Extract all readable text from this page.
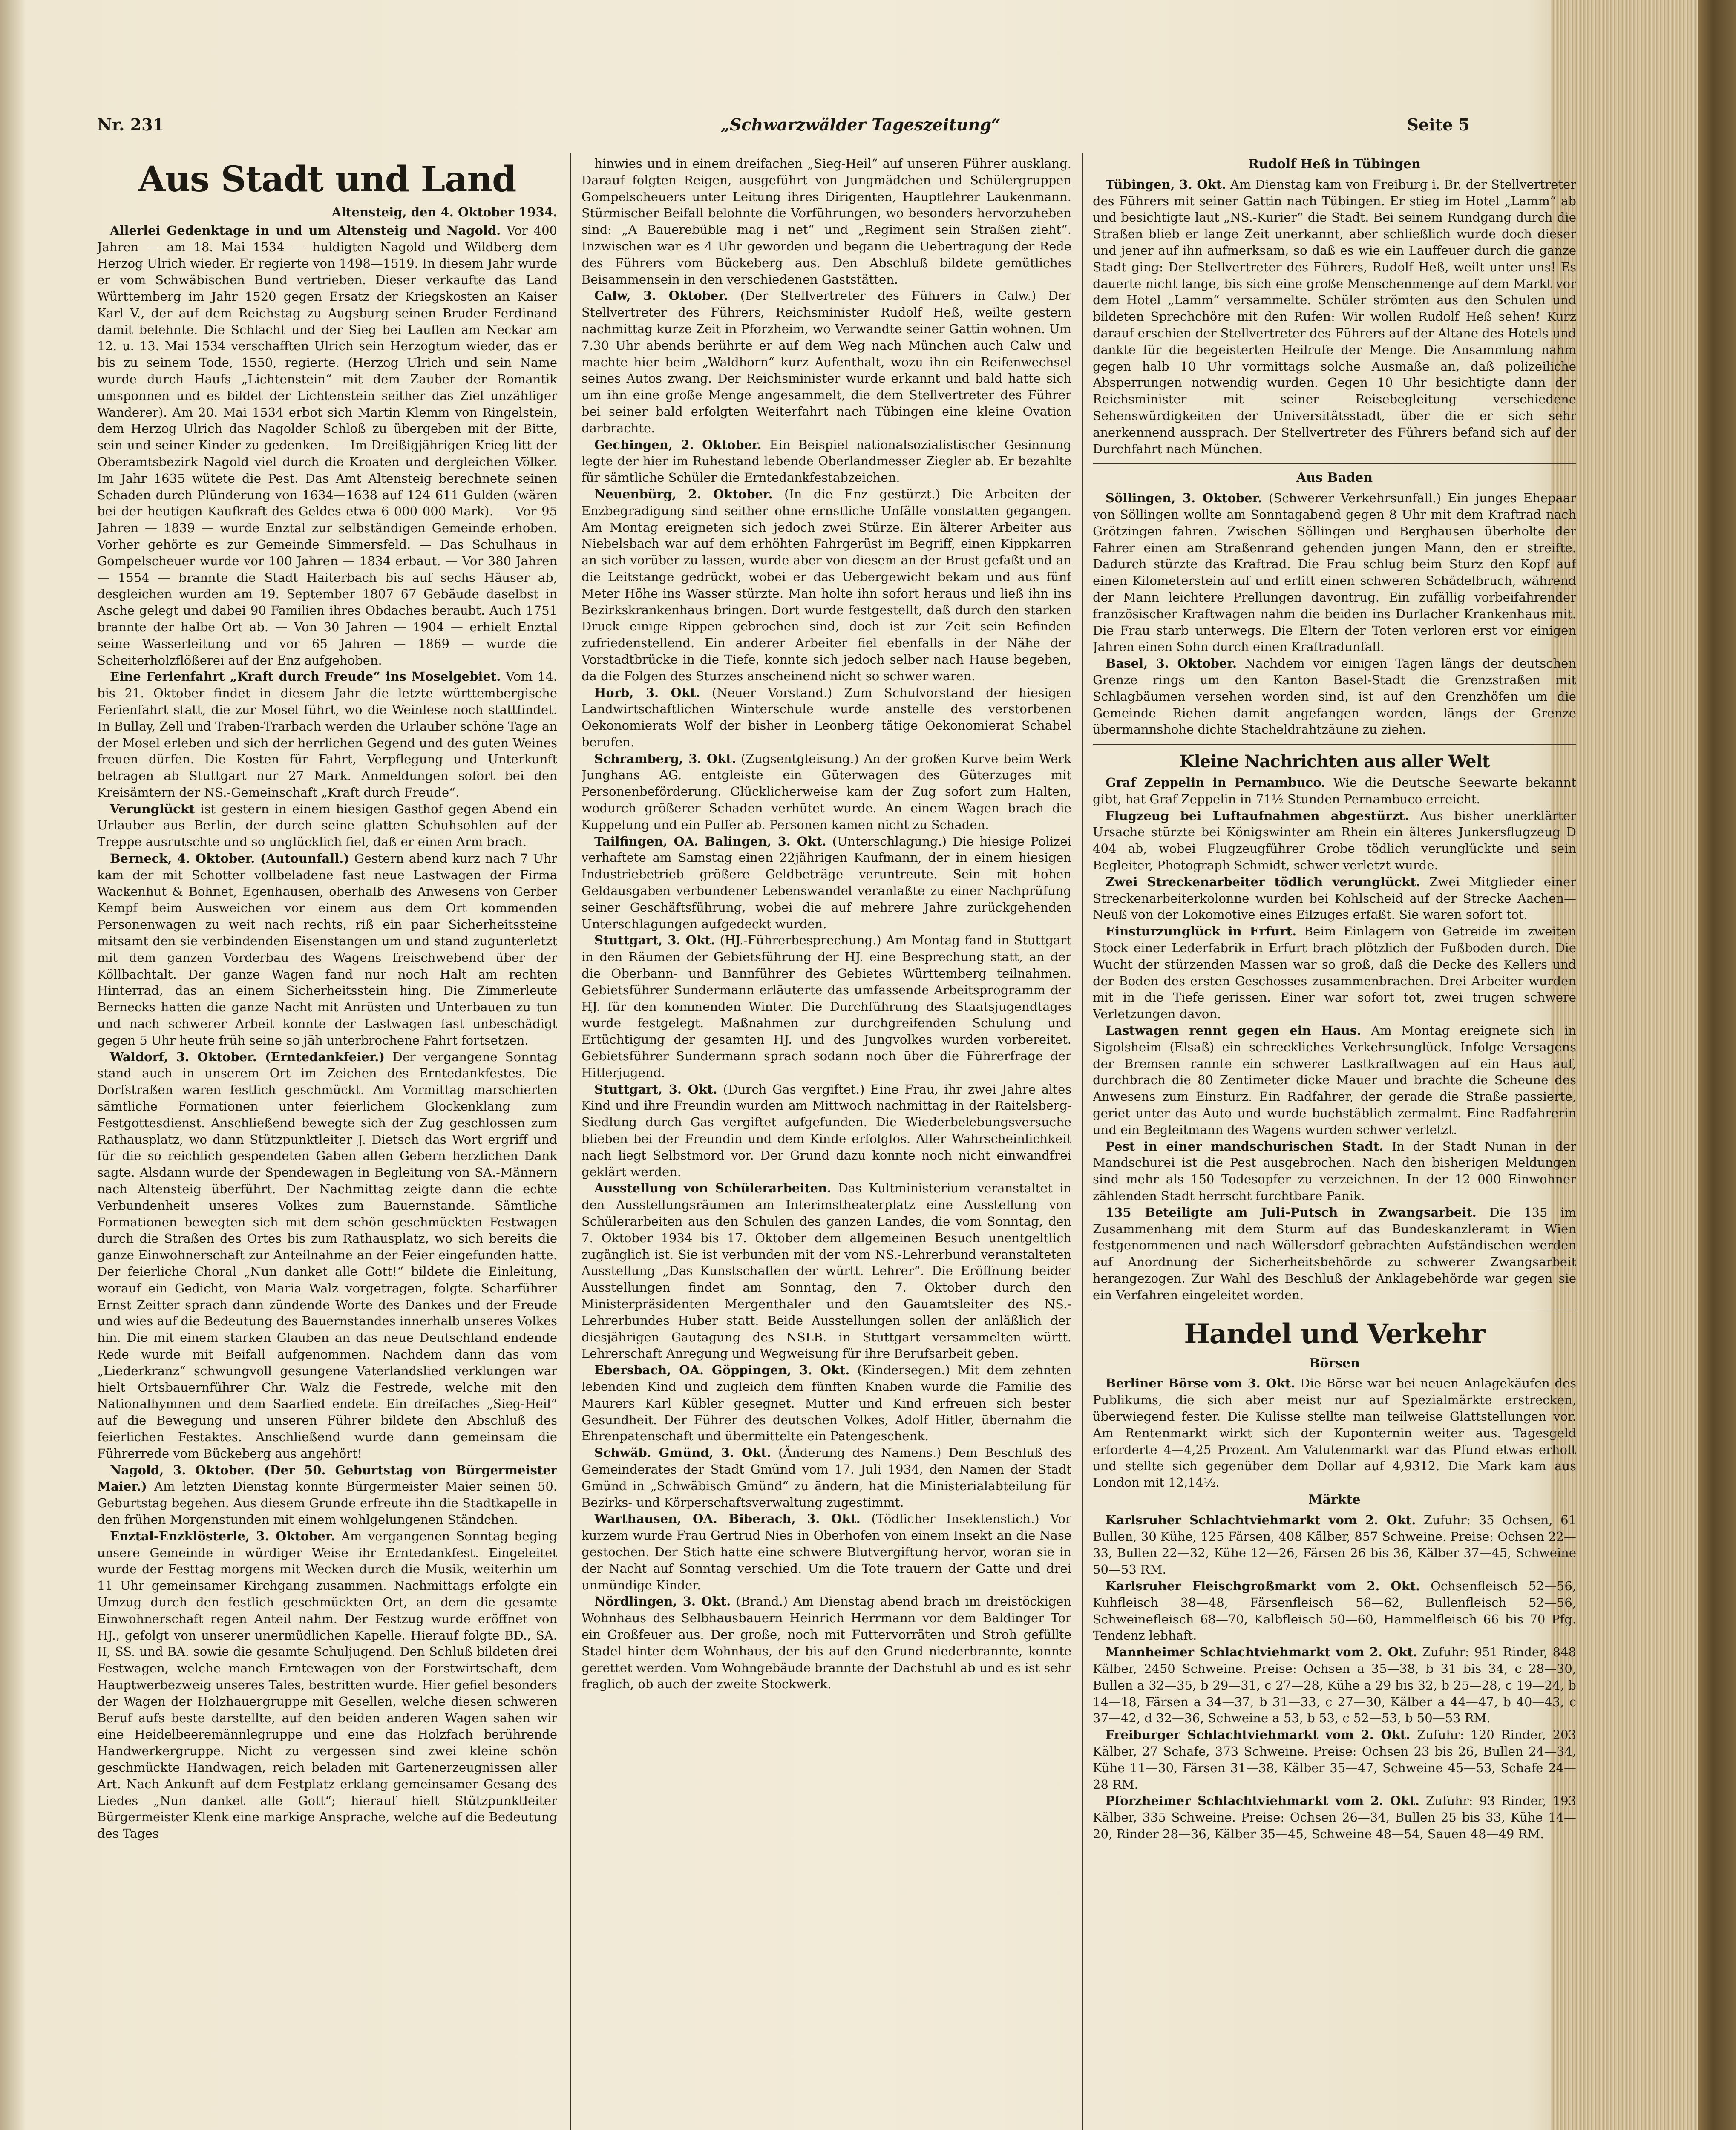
Nr. 231	„Schwarzwälder Tageszeitung“	Seite 5
Aus Stadt und Land
Altensteig, den 4. Oktober 1934.

Allerlei Gedenktage in und um Altensteig und Nagold. Vor 400 Jahren — am 18. Mai 1534 — huldigten Nagold und Wildberg dem Herzog Ulrich wieder. Er regierte von 1498—1519. In diesem Jahr wurde er vom Schwäbischen Bund vertrieben. Dieser verkaufte das Land Württemberg im Jahr 1520 gegen Ersatz der Kriegskosten an Kaiser Karl V., der auf dem Reichstag zu Augsburg seinen Bruder Ferdinand damit belehnte. Die Schlacht und der Sieg bei Lauffen am Neckar am 12. u. 13. Mai 1534 verschafften Ulrich sein Herzogtum wieder, das er bis zu seinem Tode, 1550, regierte. (Herzog Ulrich und sein Name wurde durch Haufs „Lichtenstein“ mit dem Zauber der Romantik umsponnen und es bildet der Lichtenstein seither das Ziel unzähliger Wanderer). Am 20. Mai 1534 erbot sich Martin Klemm von Ringelstein, dem Herzog Ulrich das Nagolder Schloß zu übergeben mit der Bitte, sein und seiner Kinder zu gedenken. — Im Dreißigjährigen Krieg litt der Oberamtsbezirk Nagold viel durch die Kroaten und dergleichen Völker. Im Jahr 1635 wütete die Pest. Das Amt Altensteig berechnete seinen Schaden durch Plünderung von 1634—1638 auf 124 611 Gulden (wären bei der heutigen Kaufkraft des Geldes etwa 6 000 000 Mark). — Vor 95 Jahren — 1839 — wurde Enztal zur selbständigen Gemeinde erhoben. Vorher gehörte es zur Gemeinde Simmersfeld. — Das Schulhaus in Gompelscheuer wurde vor 100 Jahren — 1834 erbaut. — Vor 380 Jahren — 1554 — brannte die Stadt Haiterbach bis auf sechs Häuser ab, desgleichen wurden am 19. September 1807 67 Gebäude daselbst in Asche gelegt und dabei 90 Familien ihres Obdaches beraubt. Auch 1751 brannte der halbe Ort ab. — Von 30 Jahren — 1904 — erhielt Enztal seine Wasserleitung und vor 65 Jahren — 1869 — wurde die Scheiterholzflößerei auf der Enz aufgehoben.

Eine Ferienfahrt „Kraft durch Freude“ ins Moselgebiet. Vom 14. bis 21. Oktober findet in diesem Jahr die letzte württembergische Ferienfahrt statt, die zur Mosel führt, wo die Weinlese noch stattfindet. In Bullay, Zell und Traben-Trarbach werden die Urlauber schöne Tage an der Mosel erleben und sich der herrlichen Gegend und des guten Weines freuen dürfen. Die Kosten für Fahrt, Verpflegung und Unterkunft betragen ab Stuttgart nur 27 Mark. Anmeldungen sofort bei den Kreisämtern der NS.-Gemeinschaft „Kraft durch Freude“.

Verunglückt ist gestern in einem hiesigen Gasthof gegen Abend ein Urlauber aus Berlin, der durch seine glatten Schuhsohlen auf der Treppe ausrutschte und so unglücklich fiel, daß er einen Arm brach.

Berneck, 4. Oktober. (Autounfall.) Gestern abend kurz nach 7 Uhr kam der mit Schotter vollbeladene fast neue Lastwagen der Firma Wackenhut & Bohnet, Egenhausen, oberhalb des Anwesens von Gerber Kempf beim Ausweichen vor einem aus dem Ort kommenden Personenwagen zu weit nach rechts, riß ein paar Sicherheitssteine mitsamt den sie verbindenden Eisenstangen um und stand zugunterletzt mit dem ganzen Vorderbau des Wagens freischwebend über der Köllbachtalt. Der ganze Wagen fand nur noch Halt am rechten Hinterrad, das an einem Sicherheitsstein hing. Die Zimmerleute Bernecks hatten die ganze Nacht mit Anrüsten und Unterbauen zu tun und nach schwerer Arbeit konnte der Lastwagen fast unbeschädigt gegen 5 Uhr heute früh seine so jäh unterbrochene Fahrt fortsetzen.

Waldorf, 3. Oktober. (Erntedankfeier.) Der vergangene Sonntag stand auch in unserem Ort im Zeichen des Erntedankfestes. Die Dorfstraßen waren festlich geschmückt. Am Vormittag marschierten sämtliche Formationen unter feierlichem Glockenklang zum Festgottesdienst. Anschließend bewegte sich der Zug geschlossen zum Rathausplatz, wo dann Stützpunktleiter J. Dietsch das Wort ergriff und für die so reichlich gespendeten Gaben allen Gebern herzlichen Dank sagte. Alsdann wurde der Spendewagen in Begleitung von SA.-Männern nach Altensteig überführt. Der Nachmittag zeigte dann die echte Verbundenheit unseres Volkes zum Bauernstande. Sämtliche Formationen bewegten sich mit dem schön geschmückten Festwagen durch die Straßen des Ortes bis zum Rathausplatz, wo sich bereits die ganze Einwohnerschaft zur Anteilnahme an der Feier eingefunden hatte. Der feierliche Choral „Nun danket alle Gott!“ bildete die Einleitung, worauf ein Gedicht, von Maria Walz vorgetragen, folgte. Scharführer Ernst Zeitter sprach dann zündende Worte des Dankes und der Freude und wies auf die Bedeutung des Bauernstandes innerhalb unseres Volkes hin. Die mit einem starken Glauben an das neue Deutschland endende Rede wurde mit Beifall aufgenommen. Nachdem dann das vom „Liederkranz“ schwungvoll gesungene Vaterlandslied verklungen war hielt Ortsbauernführer Chr. Walz die Festrede, welche mit den Nationalhymnen und dem Saarlied endete. Ein dreifaches „Sieg-Heil“ auf die Bewegung und unseren Führer bildete den Abschluß des feierlichen Festaktes. Anschließend wurde dann gemeinsam die Führerrede vom Bückeberg aus angehört!

Nagold, 3. Oktober. (Der 50. Geburtstag von Bürgermeister Maier.) Am letzten Dienstag konnte Bürgermeister Maier seinen 50. Geburtstag begehen. Aus diesem Grunde erfreute ihn die Stadtkapelle in den frühen Morgenstunden mit einem wohlgelungenen Ständchen.

Enztal-Enzklösterle, 3. Oktober. Am vergangenen Sonntag beging unsere Gemeinde in würdiger Weise ihr Erntedankfest. Eingeleitet wurde der Festtag morgens mit Wecken durch die Musik, weiterhin um 11 Uhr gemeinsamer Kirchgang zusammen. Nachmittags erfolgte ein Umzug durch den festlich geschmückten Ort, an dem die gesamte Einwohnerschaft regen Anteil nahm. Der Festzug wurde eröffnet von HJ., gefolgt von unserer unermüdlichen Kapelle. Hierauf folgte BD., SA. II, SS. und BA. sowie die gesamte Schuljugend. Den Schluß bildeten drei Festwagen, welche manch Erntewagen von der Forstwirtschaft, dem Hauptwerbezweig unseres Tales, bestritten wurde. Hier gefiel besonders der Wagen der Holzhauergruppe mit Gesellen, welche diesen schweren Beruf aufs beste darstellte, auf den beiden anderen Wagen sahen wir eine Heidelbeeremännlegruppe und eine das Holzfach berührende Handwerkergruppe. Nicht zu vergessen sind zwei kleine schön geschmückte Handwagen, reich beladen mit Gartenerzeugnissen aller Art. Nach Ankunft auf dem Festplatz erklang gemeinsamer Gesang des Liedes „Nun danket alle Gott“; hierauf hielt Stützpunktleiter Bürgermeister Klenk eine markige Ansprache, welche auf die Bedeutung des Tages

hinwies und in einem dreifachen „Sieg-Heil“ auf unseren Führer ausklang. Darauf folgten Reigen, ausgeführt von Jungmädchen und Schülergruppen Gompelscheuers unter Leitung ihres Dirigenten, Hauptlehrer Laukenmann. Stürmischer Beifall belohnte die Vorführungen, wo besonders hervorzuheben sind: „A Bauerebüble mag i net“ und „Regiment sein Straßen zieht“. Inzwischen war es 4 Uhr geworden und begann die Uebertragung der Rede des Führers vom Bückeberg aus. Den Abschluß bildete gemütliches Beisammensein in den verschiedenen Gaststätten.

Calw, 3. Oktober. (Der Stellvertreter des Führers in Calw.) Der Stellvertreter des Führers, Reichsminister Rudolf Heß, weilte gestern nachmittag kurze Zeit in Pforzheim, wo Verwandte seiner Gattin wohnen. Um 7.30 Uhr abends berührte er auf dem Weg nach München auch Calw und machte hier beim „Waldhorn“ kurz Aufenthalt, wozu ihn ein Reifenwechsel seines Autos zwang. Der Reichsminister wurde erkannt und bald hatte sich um ihn eine große Menge angesammelt, die dem Stellvertreter des Führer bei seiner bald erfolgten Weiterfahrt nach Tübingen eine kleine Ovation darbrachte.

Gechingen, 2. Oktober. Ein Beispiel nationalsozialistischer Gesinnung legte der hier im Ruhestand lebende Oberlandmesser Ziegler ab. Er bezahlte für sämtliche Schüler die Erntedankfestabzeichen.

Neuenbürg, 2. Oktober. (In die Enz gestürzt.) Die Arbeiten der Enzbegradigung sind seither ohne ernstliche Unfälle vonstatten gegangen. Am Montag ereigneten sich jedoch zwei Stürze. Ein älterer Arbeiter aus Niebelsbach war auf dem erhöhten Fahrgerüst im Begriff, einen Kippkarren an sich vorüber zu lassen, wurde aber von diesem an der Brust gefaßt und an die Leitstange gedrückt, wobei er das Uebergewicht bekam und aus fünf Meter Höhe ins Wasser stürzte. Man holte ihn sofort heraus und ließ ihn ins Bezirkskrankenhaus bringen. Dort wurde festgestellt, daß durch den starken Druck einige Rippen gebrochen sind, doch ist zur Zeit sein Befinden zufriedenstellend. Ein anderer Arbeiter fiel ebenfalls in der Nähe der Vorstadtbrücke in die Tiefe, konnte sich jedoch selber nach Hause begeben, da die Folgen des Sturzes anscheinend nicht so schwer waren.

Horb, 3. Okt. (Neuer Vorstand.) Zum Schulvorstand der hiesigen Landwirtschaftlichen Winterschule wurde anstelle des verstorbenen Oekonomierats Wolf der bisher in Leonberg tätige Oekonomierat Schabel berufen.

Schramberg, 3. Okt. (Zugsentgleisung.) An der großen Kurve beim Werk Junghans AG. entgleiste ein Güterwagen des Güterzuges mit Personenbeförderung. Glücklicherweise kam der Zug sofort zum Halten, wodurch größerer Schaden verhütet wurde. An einem Wagen brach die Kuppelung und ein Puffer ab. Personen kamen nicht zu Schaden.

Tailfingen, OA. Balingen, 3. Okt. (Unterschlagung.) Die hiesige Polizei verhaftete am Samstag einen 22jährigen Kaufmann, der in einem hiesigen Industriebetrieb größere Geldbeträge veruntreute. Sein mit hohen Geldausgaben verbundener Lebenswandel veranlaßte zu einer Nachprüfung seiner Geschäftsführung, wobei die auf mehrere Jahre zurückgehenden Unterschlagungen aufgedeckt wurden.

Stuttgart, 3. Okt. (HJ.-Führerbesprechung.) Am Montag fand in Stuttgart in den Räumen der Gebietsführung der HJ. eine Besprechung statt, an der die Oberbann- und Bannführer des Gebietes Württemberg teilnahmen. Gebietsführer Sundermann erläuterte das umfassende Arbeitsprogramm der HJ. für den kommenden Winter. Die Durchführung des Staatsjugendtages wurde festgelegt. Maßnahmen zur durchgreifenden Schulung und Ertüchtigung der gesamten HJ. und des Jungvolkes wurden vorbereitet. Gebietsführer Sundermann sprach sodann noch über die Führerfrage der Hitlerjugend.

Stuttgart, 3. Okt. (Durch Gas vergiftet.) Eine Frau, ihr zwei Jahre altes Kind und ihre Freundin wurden am Mittwoch nachmittag in der Raitelsberg-Siedlung durch Gas vergiftet aufgefunden. Die Wiederbelebungsversuche blieben bei der Freundin und dem Kinde erfolglos. Aller Wahrscheinlichkeit nach liegt Selbstmord vor. Der Grund dazu konnte noch nicht einwandfrei geklärt werden.

Ausstellung von Schülerarbeiten. Das Kultministerium veranstaltet in den Ausstellungsräumen am Interimstheaterplatz eine Ausstellung von Schülerarbeiten aus den Schulen des ganzen Landes, die vom Sonntag, den 7. Oktober 1934 bis 17. Oktober dem allgemeinen Besuch unentgeltlich zugänglich ist. Sie ist verbunden mit der vom NS.-Lehrerbund veranstalteten Ausstellung „Das Kunstschaffen der württ. Lehrer“. Die Eröffnung beider Ausstellungen findet am Sonntag, den 7. Oktober durch den Ministerpräsidenten Mergenthaler und den Gauamtsleiter des NS.-Lehrerbundes Huber statt. Beide Ausstellungen sollen der anläßlich der diesjährigen Gautagung des NSLB. in Stuttgart versammelten württ. Lehrerschaft Anregung und Wegweisung für ihre Berufsarbeit geben.

Ebersbach, OA. Göppingen, 3. Okt. (Kindersegen.) Mit dem zehnten lebenden Kind und zugleich dem fünften Knaben wurde die Familie des Maurers Karl Kübler gesegnet. Mutter und Kind erfreuen sich bester Gesundheit. Der Führer des deutschen Volkes, Adolf Hitler, übernahm die Ehrenpatenschaft und übermittelte ein Patengeschenk.

Schwäb. Gmünd, 3. Okt. (Änderung des Namens.) Dem Beschluß des Gemeinderates der Stadt Gmünd vom 17. Juli 1934, den Namen der Stadt Gmünd in „Schwäbisch Gmünd“ zu ändern, hat die Ministerialabteilung für Bezirks- und Körperschaftsverwaltung zugestimmt.

Warthausen, OA. Biberach, 3. Okt. (Tödlicher Insektenstich.) Vor kurzem wurde Frau Gertrud Nies in Oberhofen von einem Insekt an die Nase gestochen. Der Stich hatte eine schwere Blutvergiftung hervor, woran sie in der Nacht auf Sonntag verschied. Um die Tote trauern der Gatte und drei unmündige Kinder.

Nördlingen, 3. Okt. (Brand.) Am Dienstag abend brach im dreistöckigen Wohnhaus des Selbhausbauern Heinrich Herrmann vor dem Baldinger Tor ein Großfeuer aus. Der große, noch mit Futtervorräten und Stroh gefüllte Stadel hinter dem Wohnhaus, der bis auf den Grund niederbrannte, konnte gerettet werden. Vom Wohngebäude brannte der Dachstuhl ab und es ist sehr fraglich, ob auch der zweite Stockwerk.

Rudolf Heß in Tübingen

Tübingen, 3. Okt. Am Dienstag kam von Freiburg i. Br. der Stellvertreter des Führers mit seiner Gattin nach Tübingen. Er stieg im Hotel „Lamm“ ab und besichtigte laut „NS.-Kurier“ die Stadt. Bei seinem Rundgang durch die Straßen blieb er lange Zeit unerkannt, aber schließlich wurde doch dieser und jener auf ihn aufmerksam, so daß es wie ein Lauffeuer durch die ganze Stadt ging: Der Stellvertreter des Führers, Rudolf Heß, weilt unter uns! Es dauerte nicht lange, bis sich eine große Menschenmenge auf dem Markt vor dem Hotel „Lamm“ versammelte. Schüler strömten aus den Schulen und bildeten Sprechchöre mit den Rufen: Wir wollen Rudolf Heß sehen! Kurz darauf erschien der Stellvertreter des Führers auf der Altane des Hotels und dankte für die begeisterten Heilrufe der Menge. Die Ansammlung nahm gegen halb 10 Uhr vormittags solche Ausmaße an, daß polizeiliche Absperrungen notwendig wurden. Gegen 10 Uhr besichtigte dann der Reichsminister mit seiner Reisebegleitung verschiedene Sehenswürdigkeiten der Universitätsstadt, über die er sich sehr anerkennend aussprach. Der Stellvertreter des Führers befand sich auf der Durchfahrt nach München.

Aus Baden

Söllingen, 3. Oktober. (Schwerer Verkehrsunfall.) Ein junges Ehepaar von Söllingen wollte am Sonntagabend gegen 8 Uhr mit dem Kraftrad nach Grötzingen fahren. Zwischen Söllingen und Berghausen überholte der Fahrer einen am Straßenrand gehenden jungen Mann, den er streifte. Dadurch stürzte das Kraftrad. Die Frau schlug beim Sturz den Kopf auf einen Kilometerstein auf und erlitt einen schweren Schädelbruch, während der Mann leichtere Prellungen davontrug. Ein zufällig vorbeifahrender französischer Kraftwagen nahm die beiden ins Durlacher Krankenhaus mit. Die Frau starb unterwegs. Die Eltern der Toten verloren erst vor einigen Jahren einen Sohn durch einen Kraftradunfall.

Basel, 3. Oktober. Nachdem vor einigen Tagen längs der deutschen Grenze rings um den Kanton Basel-Stadt die Grenzstraßen mit Schlagbäumen versehen worden sind, ist auf den Grenzhöfen um die Gemeinde Riehen damit angefangen worden, längs der Grenze übermannshohe dichte Stacheldrahtzäune zu ziehen.

Kleine Nachrichten aus aller Welt

Graf Zeppelin in Pernambuco. Wie die Deutsche Seewarte bekannt gibt, hat Graf Zeppelin in 71½ Stunden Pernambuco erreicht.

Flugzeug bei Luftaufnahmen abgestürzt. Aus bisher unerklärter Ursache stürzte bei Königswinter am Rhein ein älteres Junkersflugzeug D 404 ab, wobei Flugzeugführer Grobe tödlich verunglückte und sein Begleiter, Photograph Schmidt, schwer verletzt wurde.

Zwei Streckenarbeiter tödlich verunglückt. Zwei Mitglieder einer Streckenarbeiterkolonne wurden bei Kohlscheid auf der Strecke Aachen—Neuß von der Lokomotive eines Eilzuges erfaßt. Sie waren sofort tot.

Einsturzunglück in Erfurt. Beim Einlagern von Getreide im zweiten Stock einer Lederfabrik in Erfurt brach plötzlich der Fußboden durch. Die Wucht der stürzenden Massen war so groß, daß die Decke des Kellers und der Boden des ersten Geschosses zusammenbrachen. Drei Arbeiter wurden mit in die Tiefe gerissen. Einer war sofort tot, zwei trugen schwere Verletzungen davon.

Lastwagen rennt gegen ein Haus. Am Montag ereignete sich in Sigolsheim (Elsaß) ein schreckliches Verkehrsunglück. Infolge Versagens der Bremsen rannte ein schwerer Lastkraftwagen auf ein Haus auf, durchbrach die 80 Zentimeter dicke Mauer und brachte die Scheune des Anwesens zum Einsturz. Ein Radfahrer, der gerade die Straße passierte, geriet unter das Auto und wurde buchstäblich zermalmt. Eine Radfahrerin und ein Begleitmann des Wagens wurden schwer verletzt.

Pest in einer mandschurischen Stadt. In der Stadt Nunan in der Mandschurei ist die Pest ausgebrochen. Nach den bisherigen Meldungen sind mehr als 150 Todesopfer zu verzeichnen. In der 12 000 Einwohner zählenden Stadt herrscht furchtbare Panik.

135 Beteiligte am Juli-Putsch in Zwangsarbeit. Die 135 im Zusammenhang mit dem Sturm auf das Bundeskanzleramt in Wien festgenommenen und nach Wöllersdorf gebrachten Aufständischen werden auf Anordnung der Sicherheitsbehörde zu schwerer Zwangsarbeit herangezogen. Zur Wahl des Beschluß der Anklagebehörde war gegen sie ein Verfahren eingeleitet worden.

Handel und Verkehr
Börsen

Berliner Börse vom 3. Okt. Die Börse war bei neuen Anlagekäufen des Publikums, die sich aber meist nur auf Spezialmärkte erstrecken, überwiegend fester. Die Kulisse stellte man teilweise Glattstellungen vor. Am Rentenmarkt wirkt sich der Kuponternin weiter aus. Tagesgeld erforderte 4—4,25 Prozent. Am Valutenmarkt war das Pfund etwas erholt und stellte sich gegenüber dem Dollar auf 4,9312. Die Mark kam aus London mit 12,14½.

Märkte

Karlsruher Schlachtviehmarkt vom 2. Okt. Zufuhr: 35 Ochsen, 61 Bullen, 30 Kühe, 125 Färsen, 408 Kälber, 857 Schweine. Preise: Ochsen 22—33, Bullen 22—32, Kühe 12—26, Färsen 26 bis 36, Kälber 37—45, Schweine 50—53 RM.

Karlsruher Fleischgroßmarkt vom 2. Okt. Ochsenfleisch 52—56, Kuhfleisch 38—48, Färsenfleisch 56—62, Bullenfleisch 52—56, Schweinefleisch 68—70, Kalbfleisch 50—60, Hammelfleisch 66 bis 70 Pfg. Tendenz lebhaft.

Mannheimer Schlachtviehmarkt vom 2. Okt. Zufuhr: 951 Rinder, 848 Kälber, 2450 Schweine. Preise: Ochsen a 35—38, b 31 bis 34, c 28—30, Bullen a 32—35, b 29—31, c 27—28, Kühe a 29 bis 32, b 25—28, c 19—24, b 14—18, Färsen a 34—37, b 31—33, c 27—30, Kälber a 44—47, b 40—43, c 37—42, d 32—36, Schweine a 53, b 53, c 52—53, b 50—53 RM.

Freiburger Schlachtviehmarkt vom 2. Okt. Zufuhr: 120 Rinder, 203 Kälber, 27 Schafe, 373 Schweine. Preise: Ochsen 23 bis 26, Bullen 24—34, Kühe 11—30, Färsen 31—38, Kälber 35—47, Schweine 45—53, Schafe 24—28 RM.

Pforzheimer Schlachtviehmarkt vom 2. Okt. Zufuhr: 93 Rinder, 193 Kälber, 335 Schweine. Preise: Ochsen 26—34, Bullen 25 bis 33, Kühe 14—20, Rinder 28—36, Kälber 35—45, Schweine 48—54, Sauen 48—49 RM.
